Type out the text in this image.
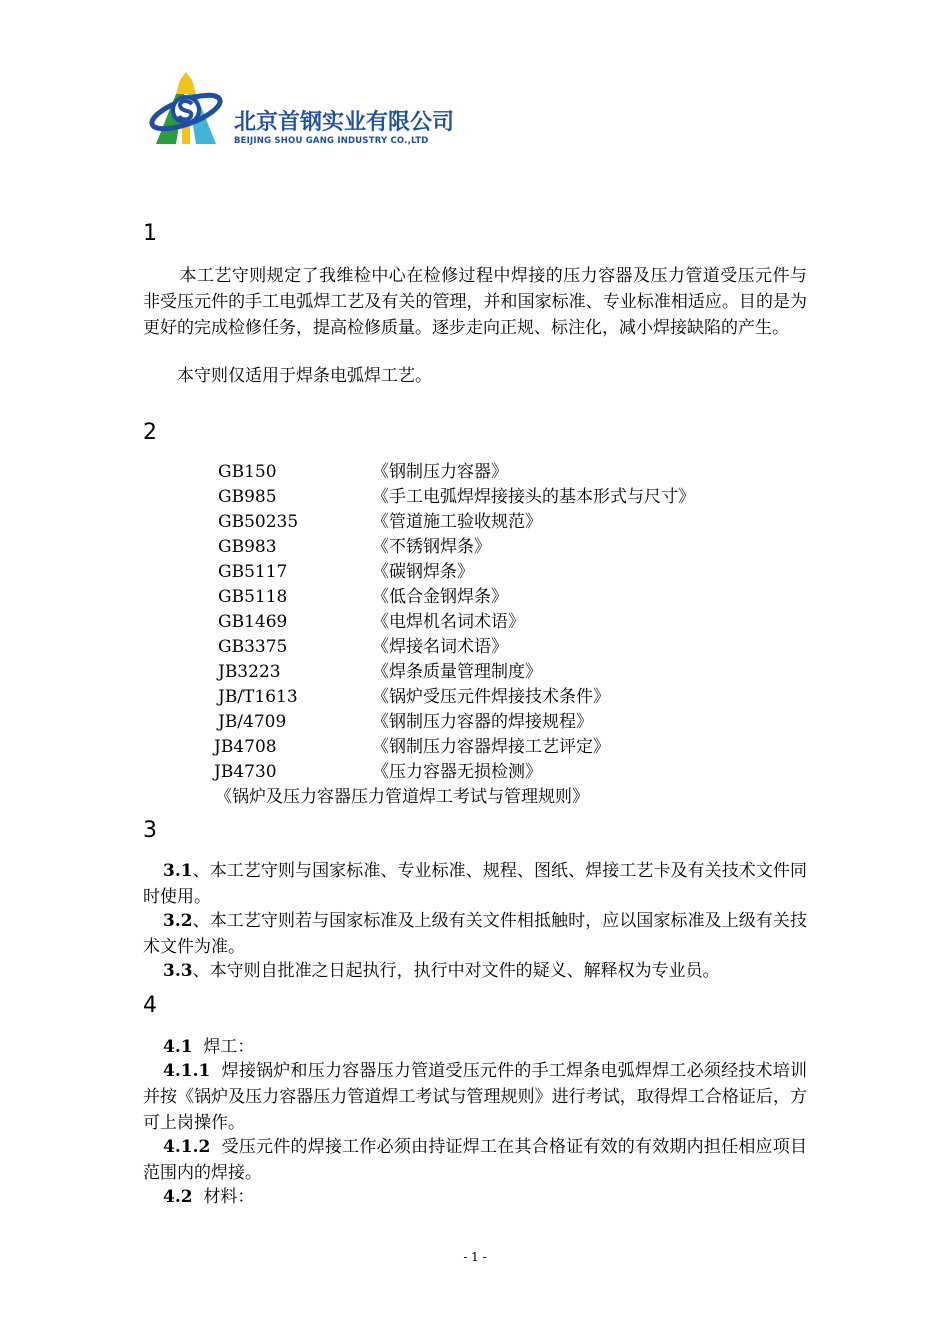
北京首钢实业有限公司
BEIJING SHOU GANG INDUSTRY CO.,LTD
1
本工艺守则规定了我维检中心在检修过程中焊接的压力容器及压力管道受压元件与非受压元件的手工电弧焊工艺及有关的管理，并和国家标准、专业标准相适应。目的是为更好的完成检修任务，提高检修质量。逐步走向正规、标注化，减小焊接缺陷的产生。
本守则仅适用于焊条电弧焊工艺。
2
GB150	《钢制压力容器》
GB985	《手工电弧焊焊接接头的基本形式与尺寸》
GB50235	《管道施工验收规范》
GB983	《不锈钢焊条》
GB5117	《碳钢焊条》
GB5118	《低合金钢焊条》
GB1469	《电焊机名词术语》
GB3375	《焊接名词术语》
JB3223	《焊条质量管理制度》
JB/T1613	《锅炉受压元件焊接技术条件》
JB/4709	《钢制压力容器的焊接规程》
JB4708	《钢制压力容器焊接工艺评定》
JB4730	《压力容器无损检测》
《锅炉及压力容器压力管道焊工考试与管理规则》
3
3.1、本工艺守则与国家标准、专业标准、规程、图纸、焊接工艺卡及有关技术文件同时使用。
3.2、本工艺守则若与国家标准及上级有关文件相抵触时，应以国家标准及上级有关技术文件为准。
3.3、本守则自批准之日起执行，执行中对文件的疑义、解释权为专业员。
4
4.1 焊工：
4.1.1 焊接锅炉和压力容器压力管道受压元件的手工焊条电弧焊焊工必须经技术培训并按《锅炉及压力容器压力管道焊工考试与管理规则》进行考试，取得焊工合格证后，方可上岗操作。
4.1.2 受压元件的焊接工作必须由持证焊工在其合格证有效的有效期内担任相应项目范围内的焊接。
4.2 材料：
- 1 -
